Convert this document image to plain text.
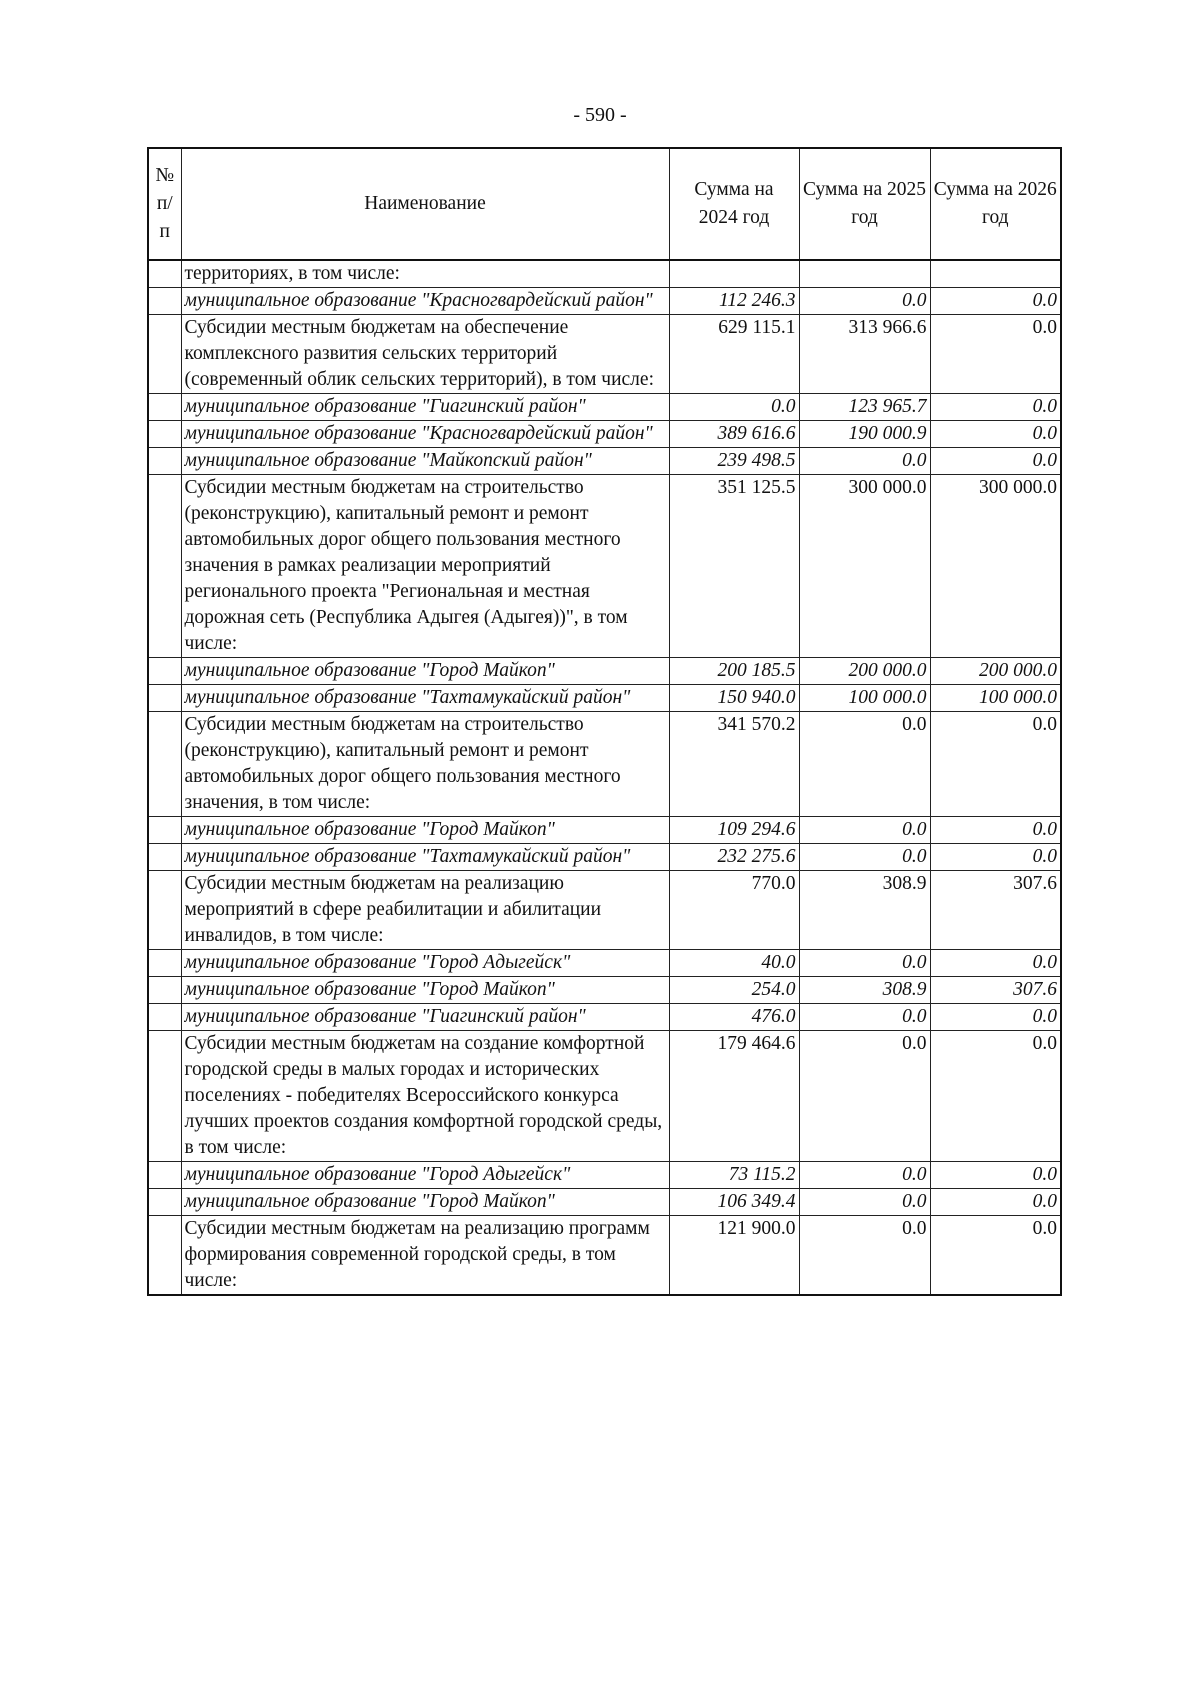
- 590 -
№ п/п	Наименование	Сумма на 2024 год	Сумма на 2025 год	Сумма на 2026 год
	территориях, в том числе:			
	муниципальное образование "Красногвардейский район"	112 246.3	0.0	0.0
	Субсидии местным бюджетам на обеспечение комплексного развития сельских территорий (современный облик сельских территорий), в том числе:	629 115.1	313 966.6	0.0
	муниципальное образование "Гиагинский район"	0.0	123 965.7	0.0
	муниципальное образование "Красногвардейский район"	389 616.6	190 000.9	0.0
	муниципальное образование "Майкопский район"	239 498.5	0.0	0.0
	Субсидии местным бюджетам на строительство (реконструкцию), капитальный ремонт и ремонт автомобильных дорог общего пользования местного значения в рамках реализации мероприятий регионального проекта "Региональная и местная дорожная сеть (Республика Адыгея (Адыгея))", в том числе:	351 125.5	300 000.0	300 000.0
	муниципальное образование "Город Майкоп"	200 185.5	200 000.0	200 000.0
	муниципальное образование "Тахтамукайский район"	150 940.0	100 000.0	100 000.0
	Субсидии местным бюджетам на строительство (реконструкцию), капитальный ремонт и ремонт автомобильных дорог общего пользования местного значения, в том числе:	341 570.2	0.0	0.0
	муниципальное образование "Город Майкоп"	109 294.6	0.0	0.0
	муниципальное образование "Тахтамукайский район"	232 275.6	0.0	0.0
	Субсидии местным бюджетам на реализацию мероприятий в сфере реабилитации и абилитации инвалидов, в том числе:	770.0	308.9	307.6
	муниципальное образование "Город Адыгейск"	40.0	0.0	0.0
	муниципальное образование "Город Майкоп"	254.0	308.9	307.6
	муниципальное образование "Гиагинский район"	476.0	0.0	0.0
	Субсидии местным бюджетам на создание комфортной городской среды в малых городах и исторических поселениях - победителях Всероссийского конкурса лучших проектов создания комфортной городской среды, в том числе:	179 464.6	0.0	0.0
	муниципальное образование "Город Адыгейск"	73 115.2	0.0	0.0
	муниципальное образование "Город Майкоп"	106 349.4	0.0	0.0
	Субсидии местным бюджетам на реализацию программ формирования современной городской среды, в том числе:	121 900.0	0.0	0.0
